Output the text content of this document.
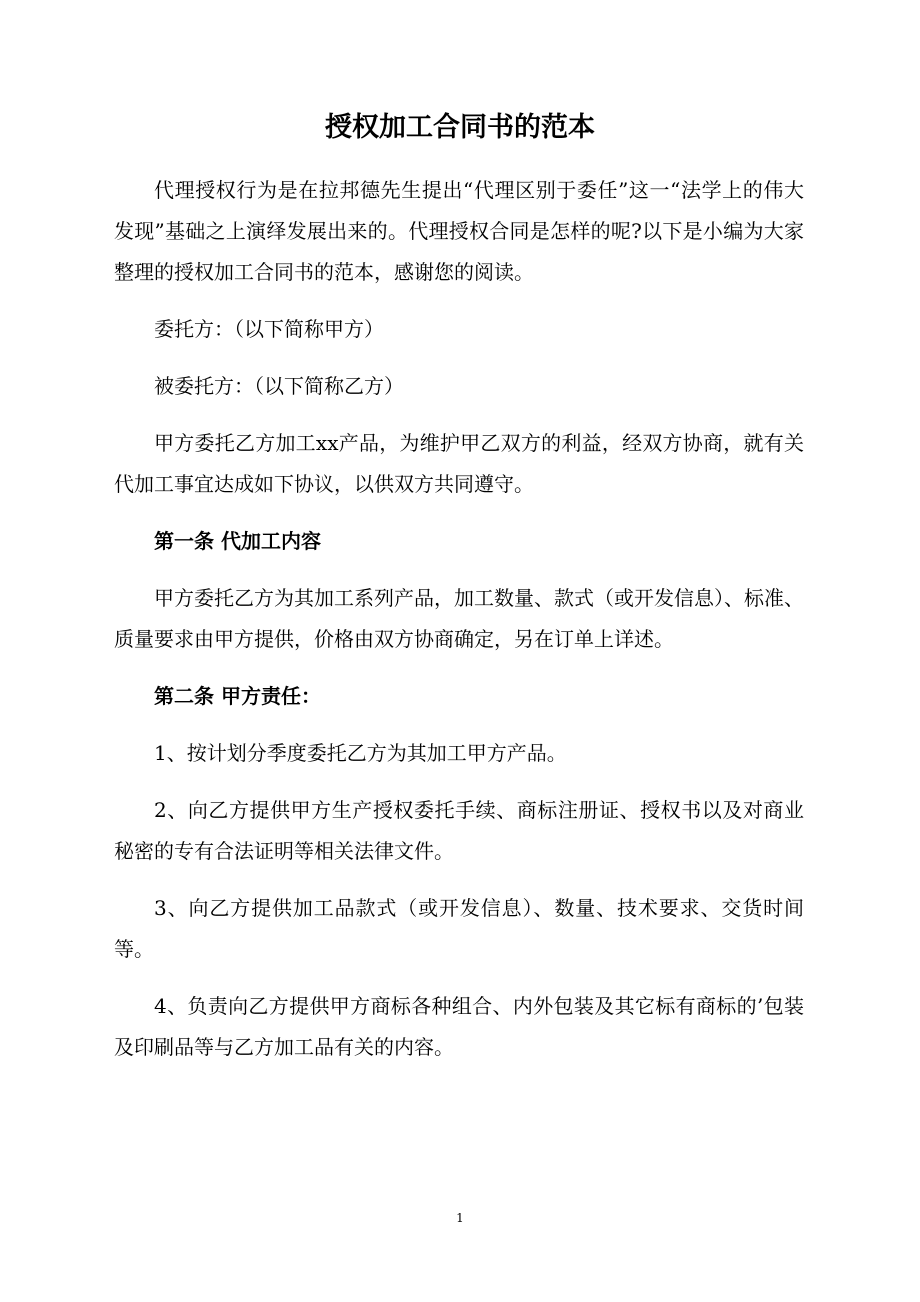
授权加工合同书的范本

代理授权行为是在拉邦德先生提出“代理区别于委任”这一“法学上的伟大发现”基础之上演绎发展出来的。代理授权合同是怎样的呢?以下是小编为大家整理的授权加工合同书的范本，感谢您的阅读。

委托方：（以下简称甲方）

被委托方：（以下简称乙方）

甲方委托乙方加工xx产品，为维护甲乙双方的利益，经双方协商，就有关代加工事宜达成如下协议，以供双方共同遵守。

第一条 代加工内容

甲方委托乙方为其加工系列产品，加工数量、款式（或开发信息）、标准、质量要求由甲方提供，价格由双方协商确定，另在订单上详述。

第二条 甲方责任：

1、按计划分季度委托乙方为其加工甲方产品。

2、向乙方提供甲方生产授权委托手续、商标注册证、授权书以及对商业秘密的专有合法证明等相关法律文件。

3、向乙方提供加工品款式（或开发信息）、数量、技术要求、交货时间等。

4、负责向乙方提供甲方商标各种组合、内外包装及其它标有商标的’包装及印刷品等与乙方加工品有关的内容。

1
